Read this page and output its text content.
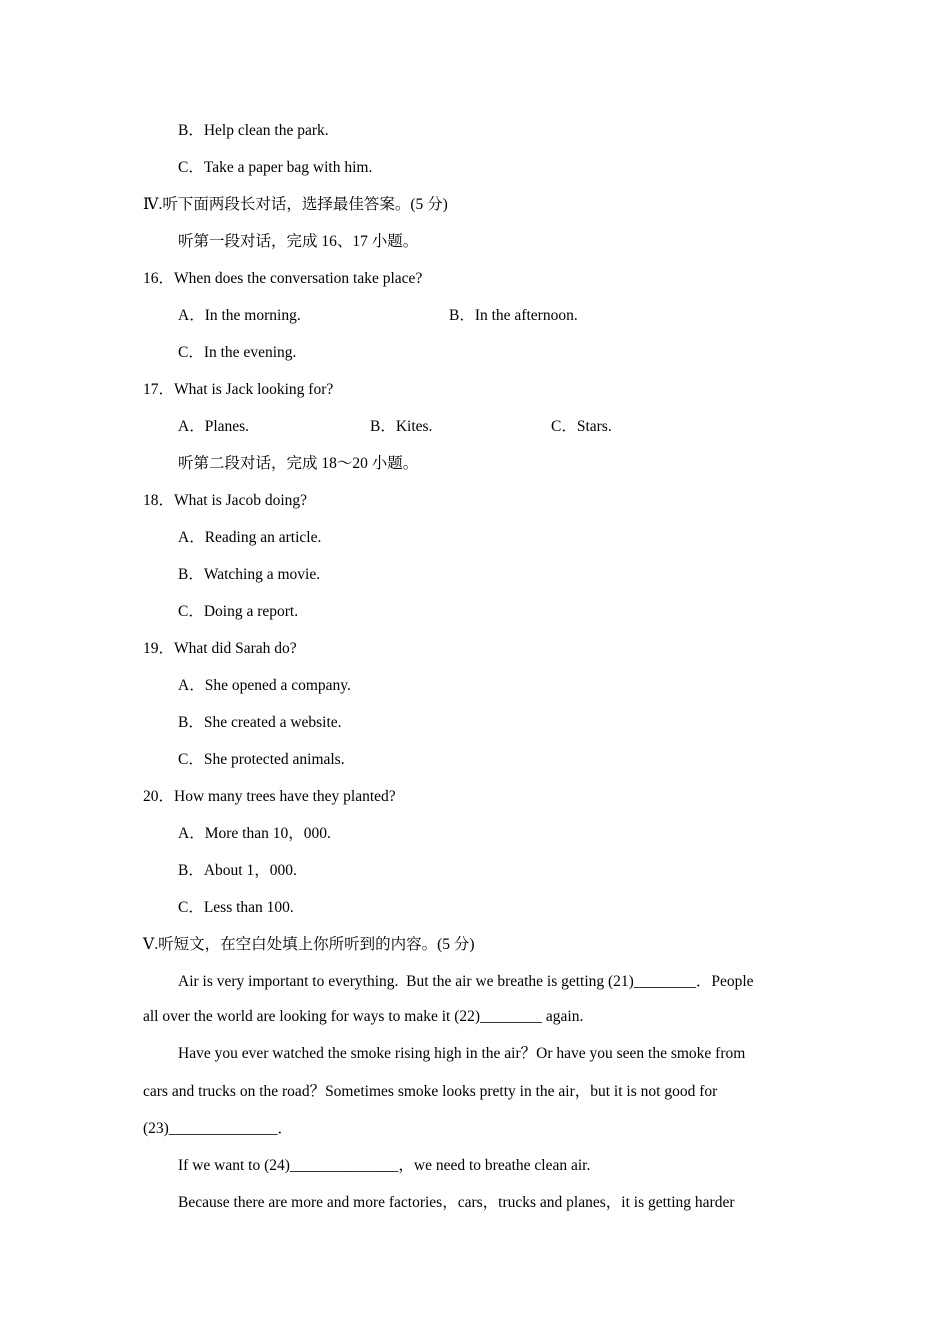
B．Help clean the park.
C．Take a paper bag with him.
Ⅳ.听下面两段长对话，选择最佳答案。(5 分)
听第一段对话，完成 16、17 小题。
16．When does the conversation take place?
A．In the morning.	B．In the afternoon.
C．In the evening.
17．What is Jack looking for?
A．Planes.	B．Kites.	C．Stars.
听第二段对话，完成 18～20 小题。
18．What is Jacob doing?
A．Reading an article.
B．Watching a movie.
C．Doing a report.
19．What did Sarah do?
A．She opened a company.
B．She created a website.
C．She protected animals.
20．How many trees have they planted?
A．More than 10，000.
B．About 1，000.
C．Less than 100.
Ⅴ.听短文，在空白处填上你所听到的内容。(5 分)
Air is very important to everything.  But the air we breathe is getting (21)________．People
all over the world are looking for ways to make it (22)________ again.
Have you ever watched the smoke rising high in the air？Or have you seen the smoke from
cars and trucks on the road？Sometimes smoke looks pretty in the air，but it is not good for
(23)______________．
If we want to (24)______________，we need to breathe clean air.
Because there are more and more factories，cars，trucks and planes，it is getting harder
